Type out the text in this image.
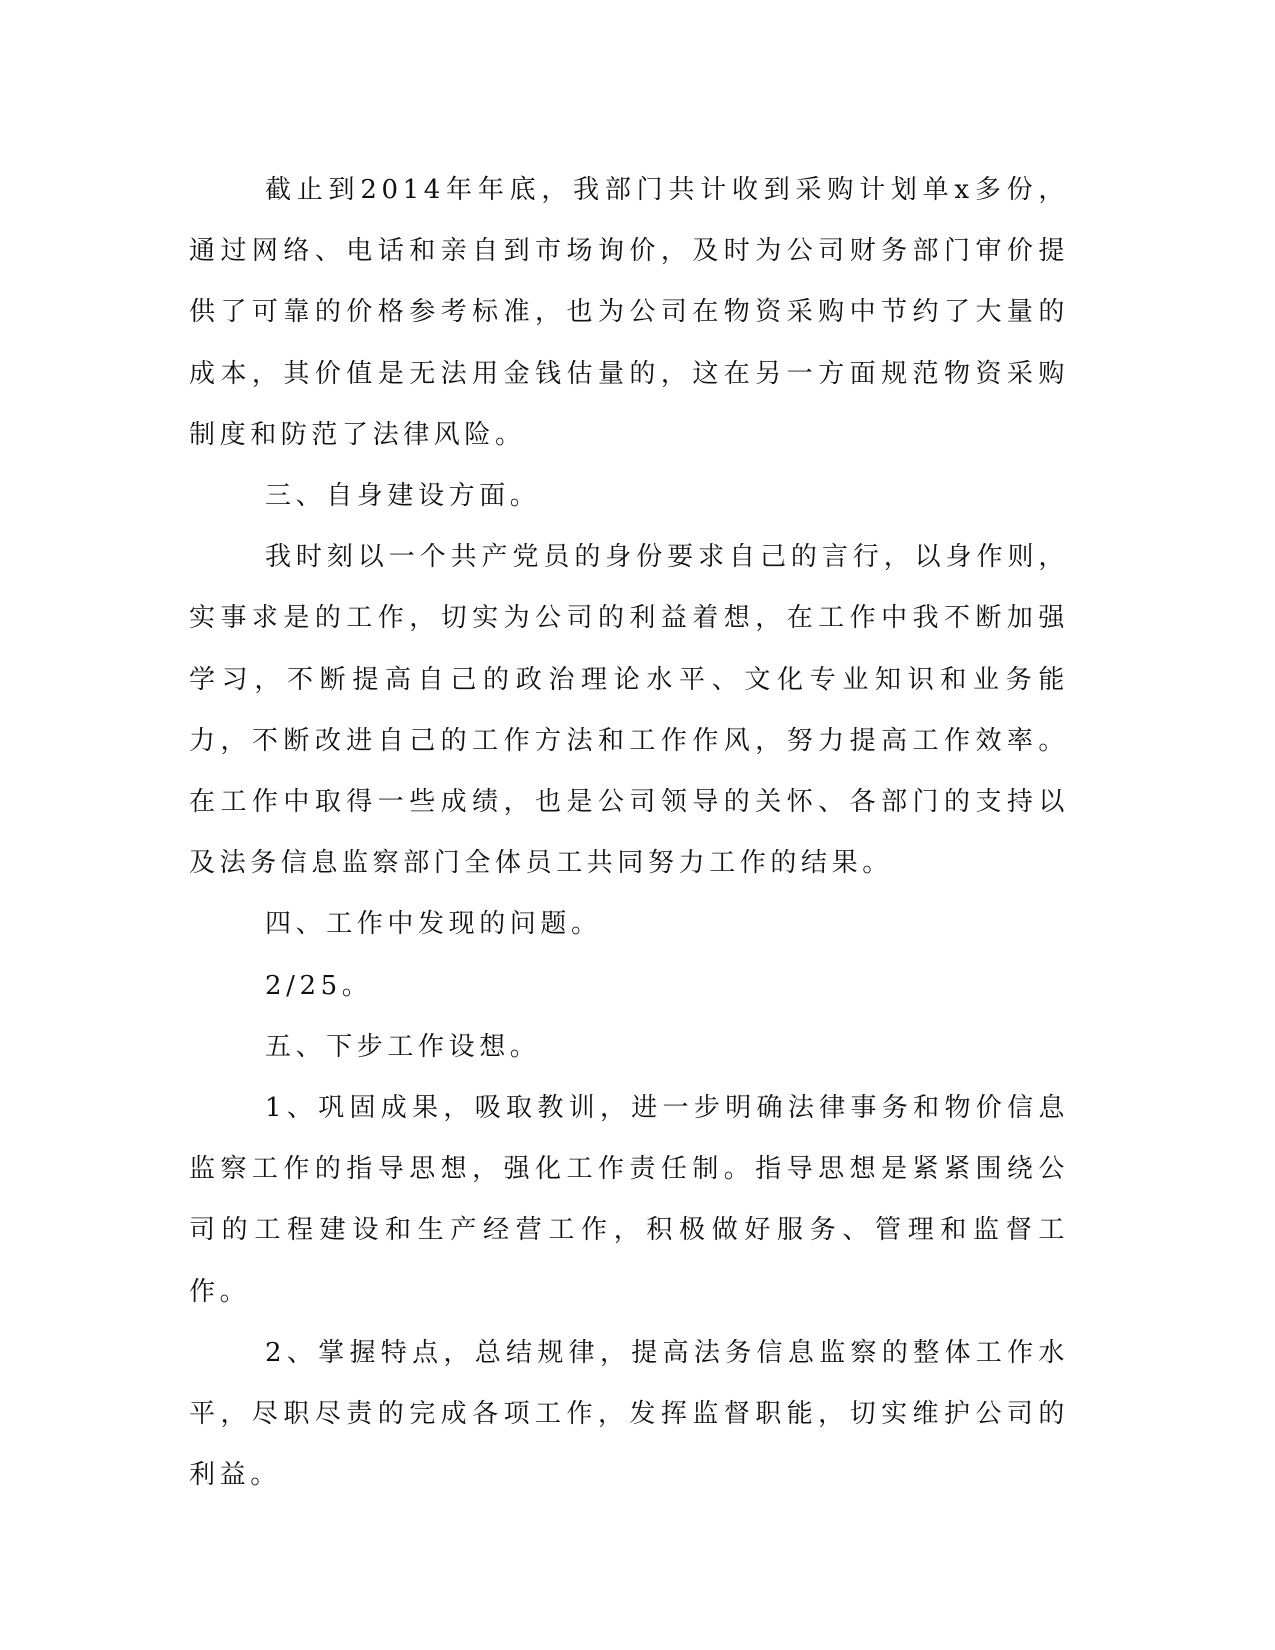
截止到2014年年底，我部门共计收到采购计划单x多份，通过网络、电话和亲自到市场询价，及时为公司财务部门审价提供了可靠的价格参考标准，也为公司在物资采购中节约了大量的成本，其价值是无法用金钱估量的，这在另一方面规范物资采购制度和防范了法律风险。

三、自身建设方面。

我时刻以一个共产党员的身份要求自己的言行，以身作则，实事求是的工作，切实为公司的利益着想，在工作中我不断加强学习，不断提高自己的政治理论水平、文化专业知识和业务能力，不断改进自己的工作方法和工作作风，努力提高工作效率。在工作中取得一些成绩，也是公司领导的关怀、各部门的支持以及法务信息监察部门全体员工共同努力工作的结果。

四、工作中发现的问题。

2/25。

五、下步工作设想。

1、巩固成果，吸取教训，进一步明确法律事务和物价信息监察工作的指导思想，强化工作责任制。指导思想是紧紧围绕公司的工程建设和生产经营工作，积极做好服务、管理和监督工作。

2、掌握特点，总结规律，提高法务信息监察的整体工作水平，尽职尽责的完成各项工作，发挥监督职能，切实维护公司的利益。
